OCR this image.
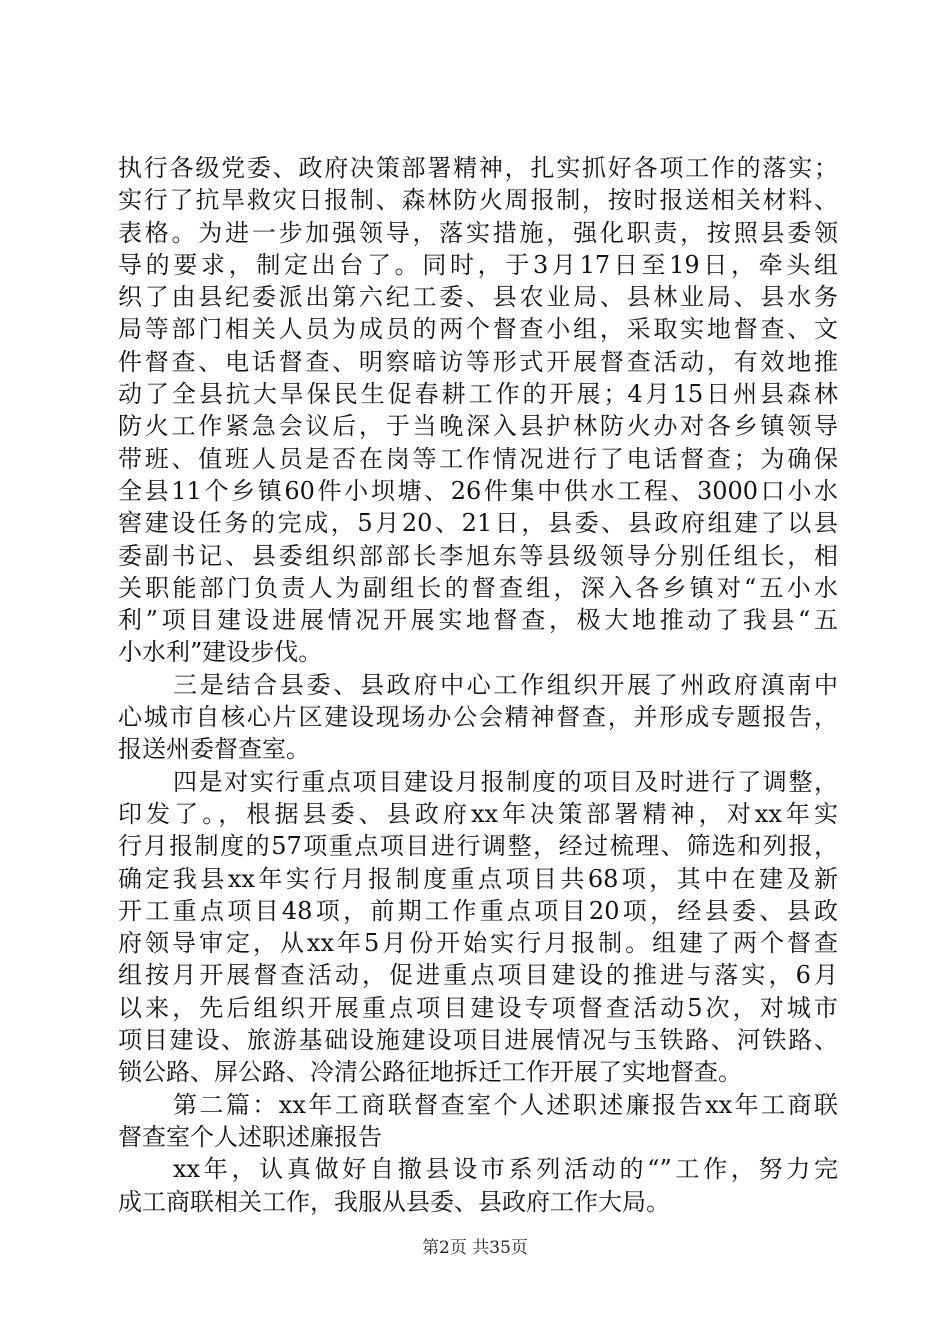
执行各级党委、政府决策部署精神，扎实抓好各项工作的落实；
实行了抗旱救灾日报制、森林防火周报制，按时报送相关材料、
表格。为进一步加强领导，落实措施，强化职责，按照县委领
导的要求，制定出台了。同时，于3月17日至19日，牵头组
织了由县纪委派出第六纪工委、县农业局、县林业局、县水务
局等部门相关人员为成员的两个督查小组，采取实地督查、文
件督查、电话督查、明察暗访等形式开展督查活动，有效地推
动了全县抗大旱保民生促春耕工作的开展；4月15日州县森林
防火工作紧急会议后，于当晚深入县护林防火办对各乡镇领导
带班、值班人员是否在岗等工作情况进行了电话督查；为确保
全县11个乡镇60件小坝塘、26件集中供水工程、3000口小水
窖建设任务的完成，5月20、21日，县委、县政府组建了以县
委副书记、县委组织部部长李旭东等县级领导分别任组长，相
关职能部门负责人为副组长的督查组，深入各乡镇对“五小水
利”项目建设进展情况开展实地督查，极大地推动了我县“五
小水利”建设步伐。
三是结合县委、县政府中心工作组织开展了州政府滇南中
心城市自核心片区建设现场办公会精神督查，并形成专题报告，
报送州委督查室。
四是对实行重点项目建设月报制度的项目及时进行了调整，
印发了。，根据县委、县政府xx年决策部署精神，对xx年实
行月报制度的57项重点项目进行调整，经过梳理、筛选和列报，
确定我县xx年实行月报制度重点项目共68项，其中在建及新
开工重点项目48项，前期工作重点项目20项，经县委、县政
府领导审定，从xx年5月份开始实行月报制。组建了两个督查
组按月开展督查活动，促进重点项目建设的推进与落实，6月
以来，先后组织开展重点项目建设专项督查活动5次，对城市
项目建设、旅游基础设施建设项目进展情况与玉铁路、河铁路、
锁公路、屏公路、冷清公路征地拆迁工作开展了实地督查。
第二篇：xx年工商联督查室个人述职述廉报告xx年工商联
督查室个人述职述廉报告
xx年，认真做好自撤县设市系列活动的“”工作，努力完
成工商联相关工作，我服从县委、县政府工作大局。
第2页 共35页
